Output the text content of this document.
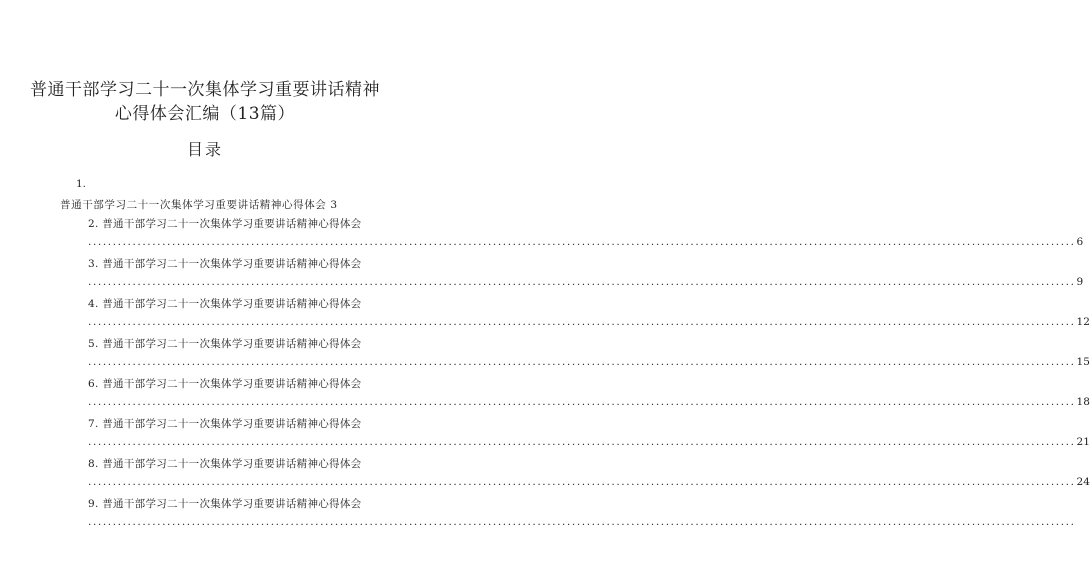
普通干部学习二十一次集体学习重要讲话精神
心得体会汇编（13篇）
目录
1.
普通干部学习二十一次集体学习重要讲话精神心得体会 3
2. 普通干部学习二十一次集体学习重要讲话精神心得体会
........................................................................................................................................................................................................ 6
3. 普通干部学习二十一次集体学习重要讲话精神心得体会
........................................................................................................................................................................................................ 9
4. 普通干部学习二十一次集体学习重要讲话精神心得体会
........................................................................................................................................................................................................ 12
5. 普通干部学习二十一次集体学习重要讲话精神心得体会
........................................................................................................................................................................................................ 15
6. 普通干部学习二十一次集体学习重要讲话精神心得体会
........................................................................................................................................................................................................ 18
7. 普通干部学习二十一次集体学习重要讲话精神心得体会
........................................................................................................................................................................................................ 21
8. 普通干部学习二十一次集体学习重要讲话精神心得体会
........................................................................................................................................................................................................ 24
9. 普通干部学习二十一次集体学习重要讲话精神心得体会
........................................................................................................................................................................................................
